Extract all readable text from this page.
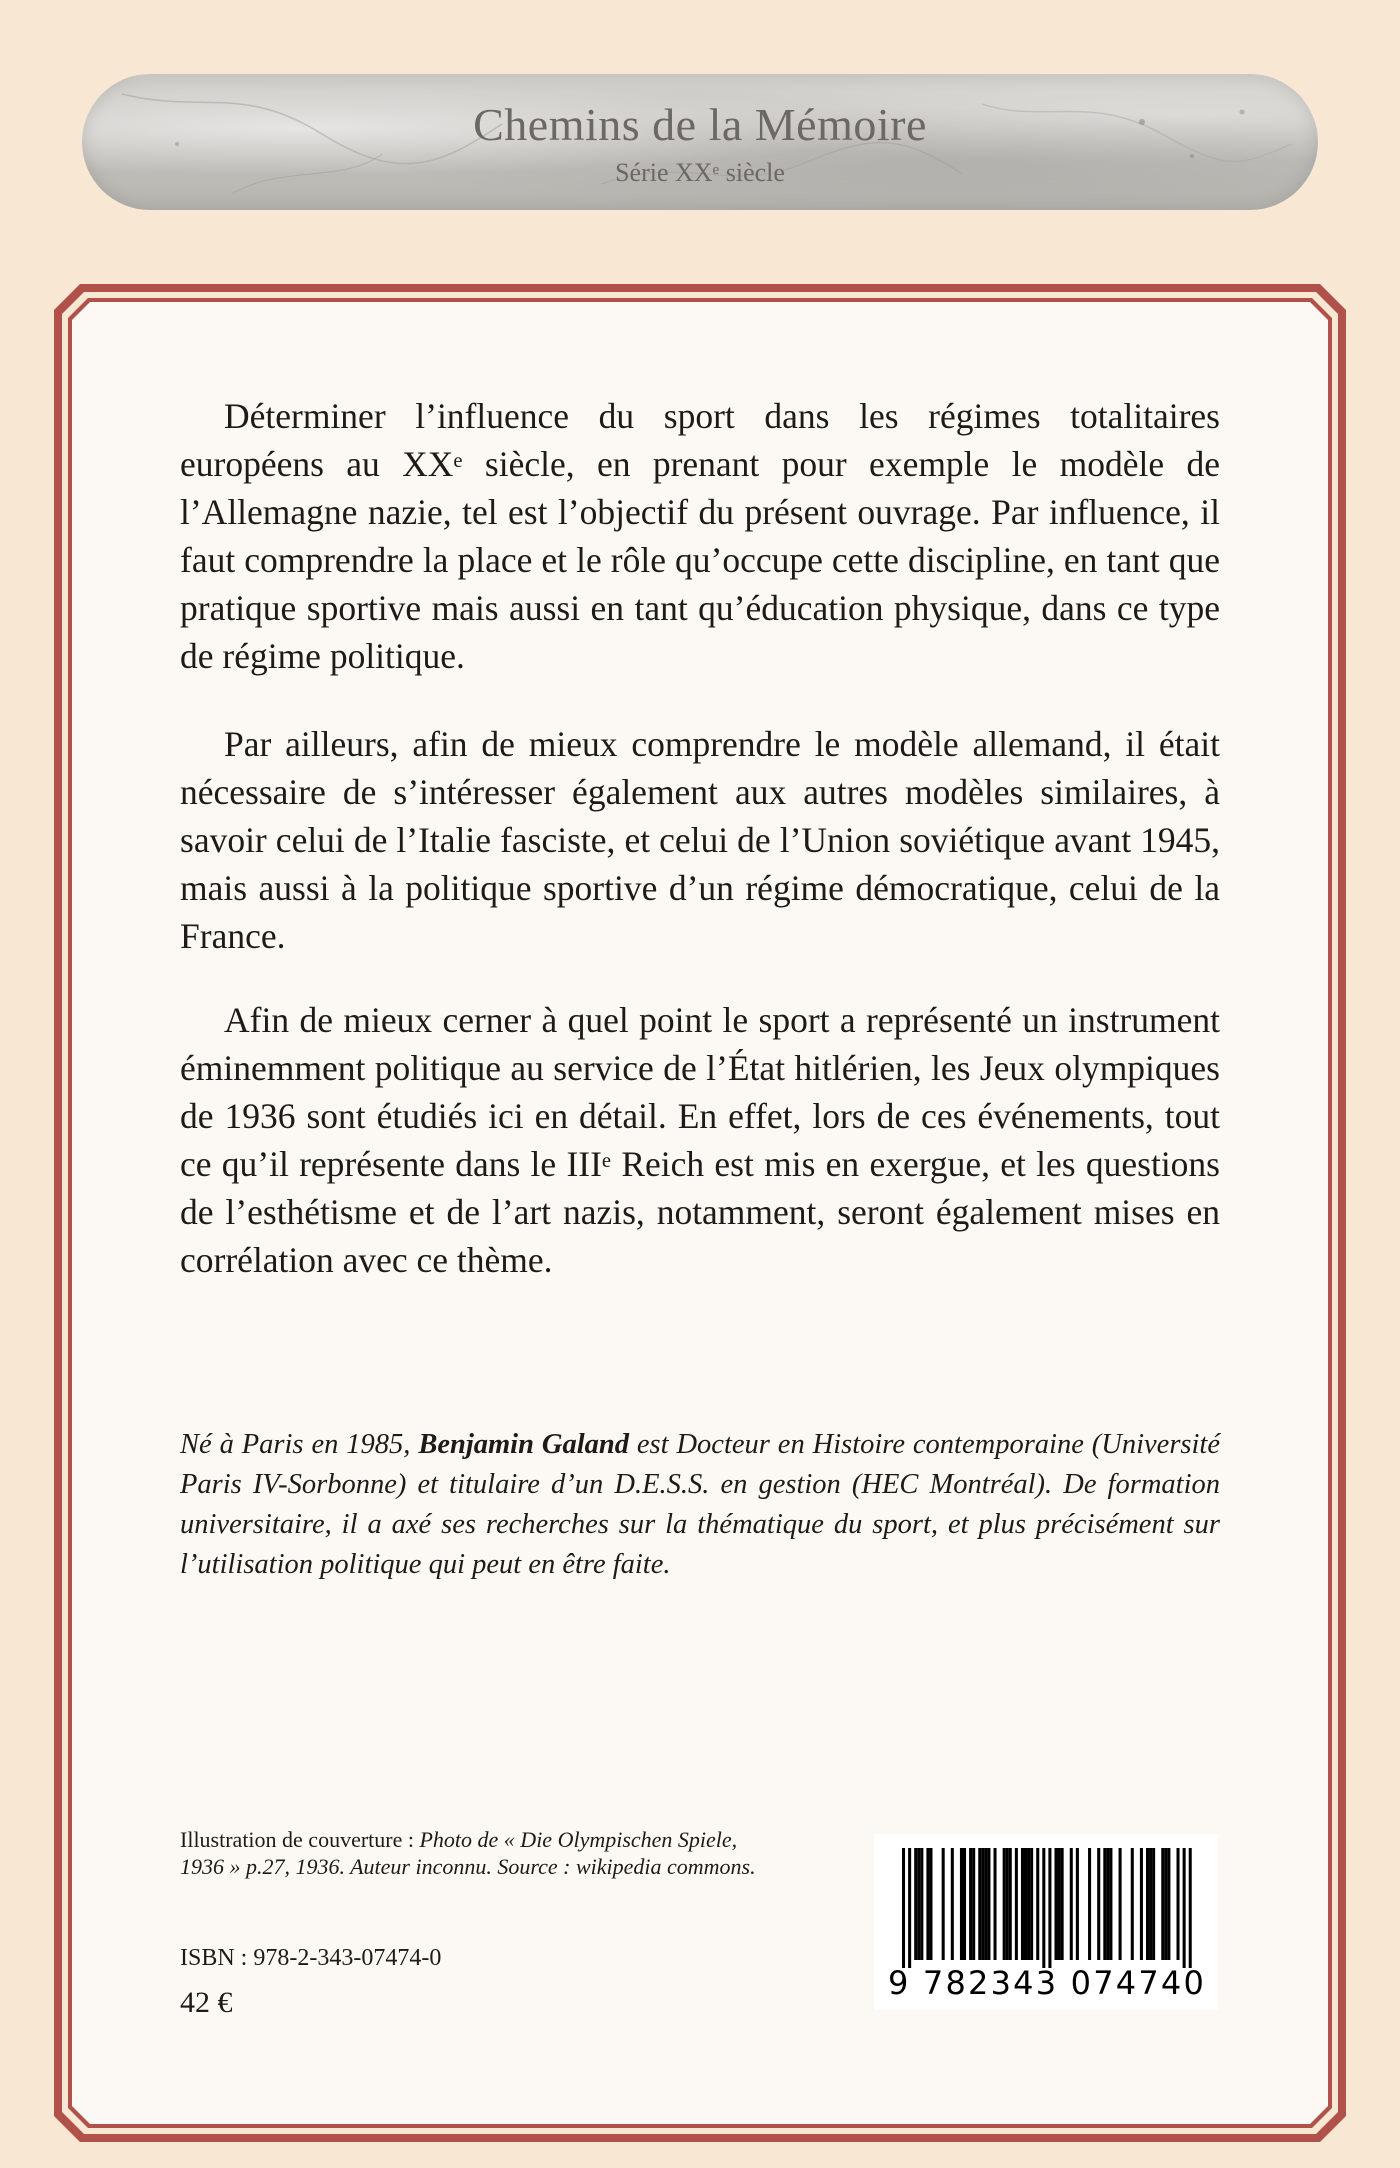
Chemins de la Mémoire
Série XXe siècle

Déterminer l’influence du sport dans les régimes totalitaires européens au XXe siècle, en prenant pour exemple le modèle de l’Allemagne nazie, tel est l’objectif du présent ouvrage. Par influence, il faut comprendre la place et le rôle qu’occupe cette discipline, en tant que pratique sportive mais aussi en tant qu’éducation physique, dans ce type de régime politique.

Par ailleurs, afin de mieux comprendre le modèle allemand, il était nécessaire de s’intéresser également aux autres modèles similaires, à savoir celui de l’Italie fasciste, et celui de l’Union soviétique avant 1945, mais aussi à la politique sportive d’un régime démocratique, celui de la France.

Afin de mieux cerner à quel point le sport a représenté un instrument éminemment politique au service de l’État hitlérien, les Jeux olympiques de 1936 sont étudiés ici en détail. En effet, lors de ces événements, tout ce qu’il représente dans le IIIe Reich est mis en exergue, et les questions de l’esthétisme et de l’art nazis, notamment, seront également mises en corrélation avec ce thème.

Né à Paris en 1985, Benjamin Galand est Docteur en Histoire contemporaine (Université Paris IV-Sorbonne) et titulaire d’un D.E.S.S. en gestion (HEC Montréal). De formation universitaire, il a axé ses recherches sur la thématique du sport, et plus précisément sur l’utilisation politique qui peut en être faite.

Illustration de couverture : Photo de « Die Olympischen Spiele, 1936 » p.27, 1936. Auteur inconnu. Source : wikipedia commons.

ISBN : 978-2-343-07474-0
42 €
9 782343 074740
